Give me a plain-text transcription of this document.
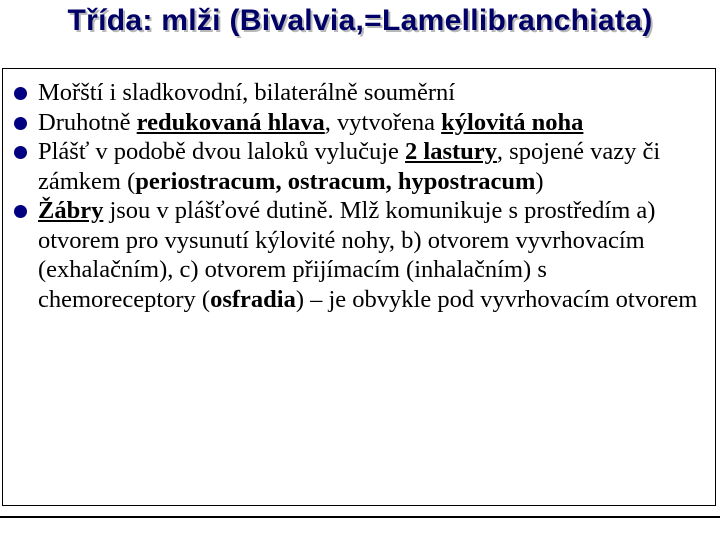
Třída: mlži (Bivalvia,=Lamellibranchiata)
Mořští i sladkovodní, bilaterálně souměrní
Druhotně redukovaná hlava, vytvořena kýlovitá noha
Plášť v podobě dvou laloků vylučuje 2 lastury, spojené vazy či zámkem (periostracum, ostracum, hypostracum)
Žábry jsou v plášťové dutině. Mlž komunikuje s prostředím a) otvorem pro vysunutí kýlovité nohy, b) otvorem vyvrhovacím (exhalačním), c) otvorem přijímacím (inhalačním) s chemoreceptory (osfradia) – je obvykle pod vyvrhovacím otvorem
